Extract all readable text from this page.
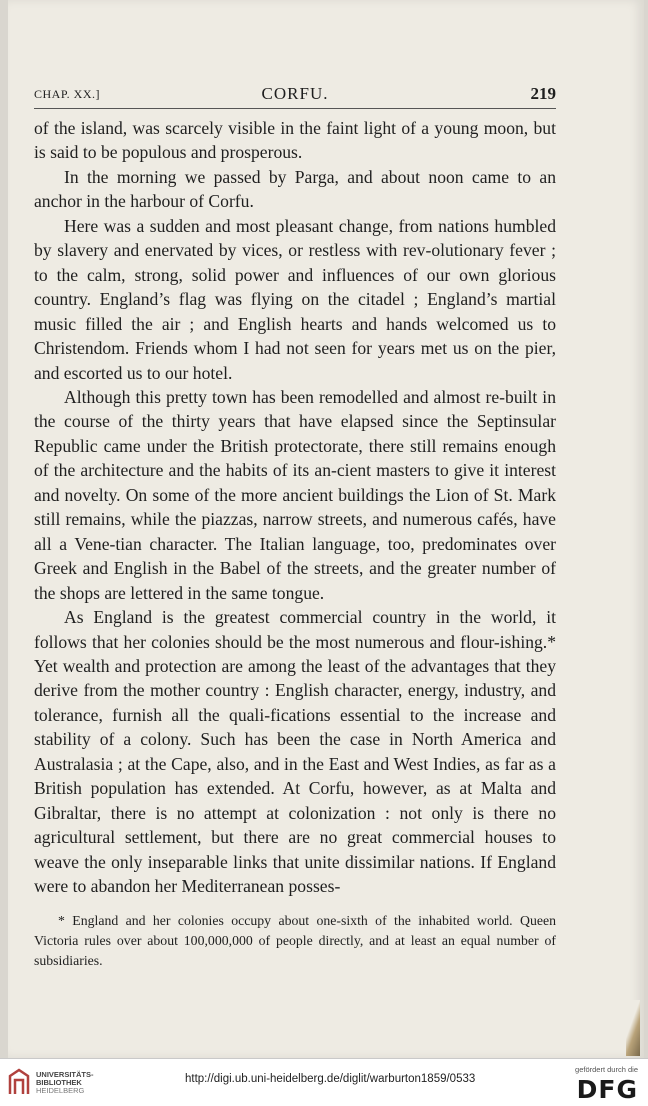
CHAP. XX.]	CORFU.	219

of the island, was scarcely visible in the faint light of a young moon, but is said to be populous and prosperous.

In the morning we passed by Parga, and about noon came to an anchor in the harbour of Corfu.

Here was a sudden and most pleasant change, from nations humbled by slavery and enervated by vices, or restless with rev-olutionary fever ; to the calm, strong, solid power and influences of our own glorious country. England’s flag was flying on the citadel ; England’s martial music filled the air ; and English hearts and hands welcomed us to Christendom. Friends whom I had not seen for years met us on the pier, and escorted us to our hotel.

Although this pretty town has been remodelled and almost re-built in the course of the thirty years that have elapsed since the Septinsular Republic came under the British protectorate, there still remains enough of the architecture and the habits of its an-cient masters to give it interest and novelty. On some of the more ancient buildings the Lion of St. Mark still remains, while the piazzas, narrow streets, and numerous cafés, have all a Vene-tian character. The Italian language, too, predominates over Greek and English in the Babel of the streets, and the greater number of the shops are lettered in the same tongue.

As England is the greatest commercial country in the world, it follows that her colonies should be the most numerous and flour-ishing.* Yet wealth and protection are among the least of the advantages that they derive from the mother country : English character, energy, industry, and tolerance, furnish all the quali-fications essential to the increase and stability of a colony. Such has been the case in North America and Australasia ; at the Cape, also, and in the East and West Indies, as far as a British population has extended. At Corfu, however, as at Malta and Gibraltar, there is no attempt at colonization : not only is there no agricultural settlement, but there are no great commercial houses to weave the only inseparable links that unite dissimilar nations. If England were to abandon her Mediterranean posses-

* England and her colonies occupy about one-sixth of the inhabited world. Queen Victoria rules over about 100,000,000 of people directly, and at least an equal number of subsidiaries.

UNIVERSITÄTS-
BIBLIOTHEK
HEIDELBERG
http://digi.ub.uni-heidelberg.de/diglit/warburton1859/0533
gefördert durch die
DFG
